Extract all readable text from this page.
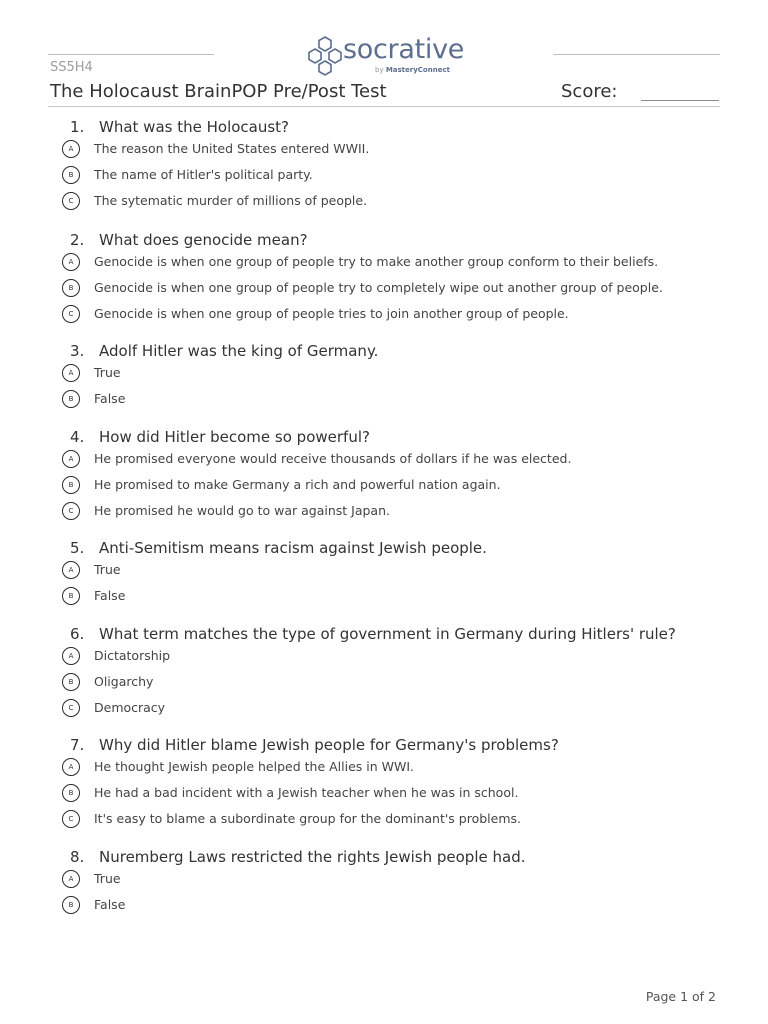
socrative
by MasteryConnect
SS5H4
The Holocaust BrainPOP Pre/Post Test	Score:
1. What was the Holocaust?
A	The reason the United States entered WWII.
B	The name of Hitler's political party.
C	The sytematic murder of millions of people.
2. What does genocide mean?
A	Genocide is when one group of people try to make another group conform to their beliefs.
B	Genocide is when one group of people try to completely wipe out another group of people.
C	Genocide is when one group of people tries to join another group of people.
3. Adolf Hitler was the king of Germany.
A	True
B	False
4. How did Hitler become so powerful?
A	He promised everyone would receive thousands of dollars if he was elected.
B	He promised to make Germany a rich and powerful nation again.
C	He promised he would go to war against Japan.
5. Anti-Semitism means racism against Jewish people.
A	True
B	False
6. What term matches the type of government in Germany during Hitlers' rule?
A	Dictatorship
B	Oligarchy
C	Democracy
7. Why did Hitler blame Jewish people for Germany's problems?
A	He thought Jewish people helped the Allies in WWI.
B	He had a bad incident with a Jewish teacher when he was in school.
C	It's easy to blame a subordinate group for the dominant's problems.
8. Nuremberg Laws restricted the rights Jewish people had.
A	True
B	False
Page 1 of 2
